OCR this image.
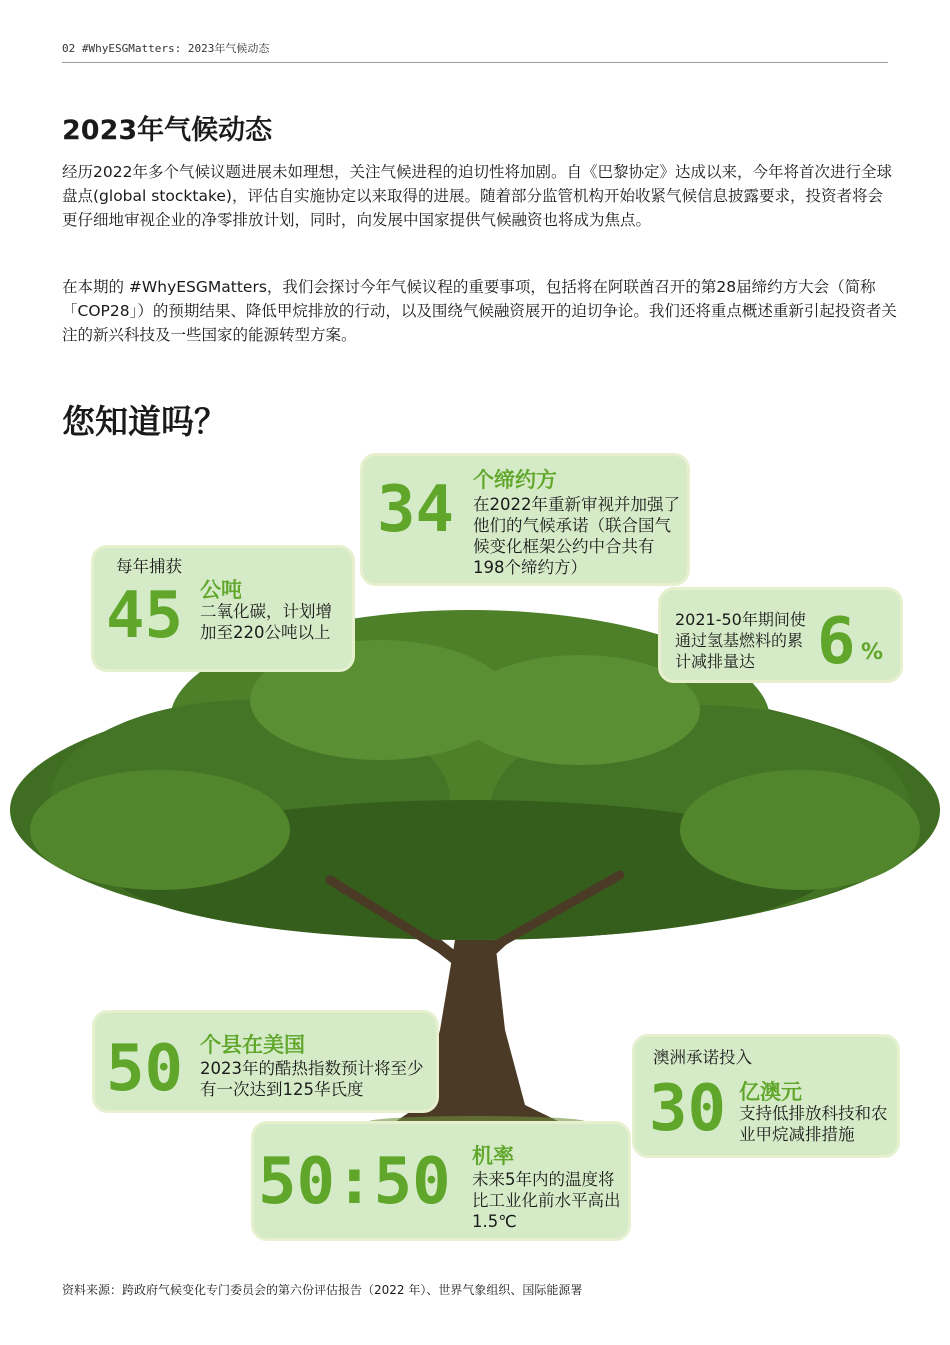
02 #WhyESGMatters: 2023年气候动态
2023年气候动态

经历2022年多个气候议题进展未如理想，关注气候进程的迫切性将加剧。自《巴黎协定》达成以来，今年将首次进行全球盘点(global stocktake)，评估自实施协定以来取得的进展。随着部分监管机构开始收紧气候信息披露要求，投资者将会更仔细地审视企业的净零排放计划，同时，向发展中国家提供气候融资也将成为焦点。

在本期的 #WhyESGMatters，我们会探讨今年气候议程的重要事项，包括将在阿联酋召开的第28届缔约方大会（简称「COP28」）的预期结果、降低甲烷排放的行动，以及围绕气候融资展开的迫切争论。我们还将重点概述重新引起投资者关注的新兴科技及一些国家的能源转型方案。

您知道吗？
34 个缔约方
在2022年重新审视并加强了他们的气候承诺（联合国气候变化框架公约中合共有198个缔约方）
每年捕获
45 公吨
二氧化碳，计划增加至220公吨以上
2021-50年期间使通过氢基燃料的累计减排量达 6 %
50 个县在美国
2023年的酷热指数预计将至少有一次达到125华氏度
澳洲承诺投入
30 亿澳元
支持低排放科技和农业甲烷减排措施
50:50 机率
未来5年内的温度将比工业化前水平高出1.5℃
资料来源：跨政府气候变化专门委员会的第六份评估报告（2022 年）、世界气象组织、国际能源署
